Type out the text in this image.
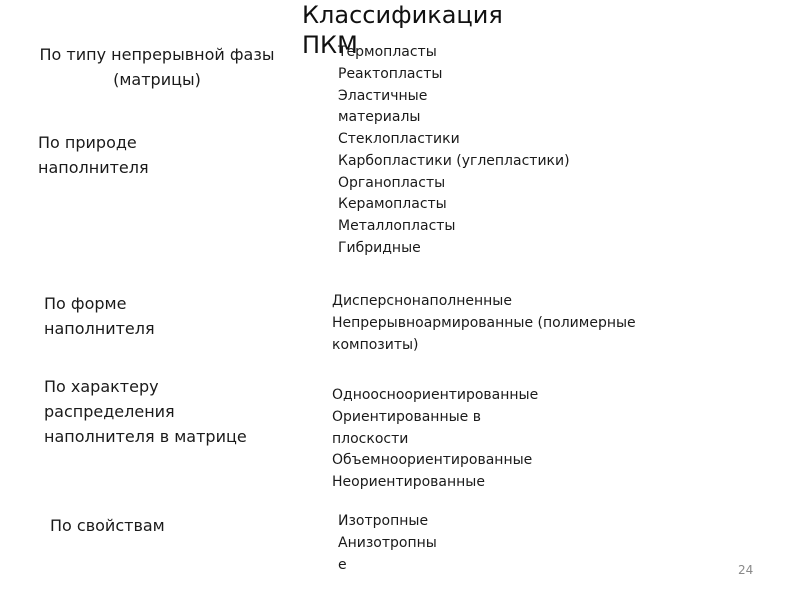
Классификация ПКМ
По типу непрерывной фазы (матрицы)
Термопласты
Реактопласты
Эластичные
материалы
По природе наполнителя
Стеклопластики
Карбопластики (углепластики)
Органопласты
Керамопласты
Металлопласты
Гибридные
По форме наполнителя
Дисперснонаполненные
Непрерывноармированные (полимерные
композиты)
По характеру распределения наполнителя в матрице
Одноосноориентированные
Ориентированные в
плоскости
Объемноориентированные
Неориентированные
По свойствам	Изотропные
Анизотропны
е	24
